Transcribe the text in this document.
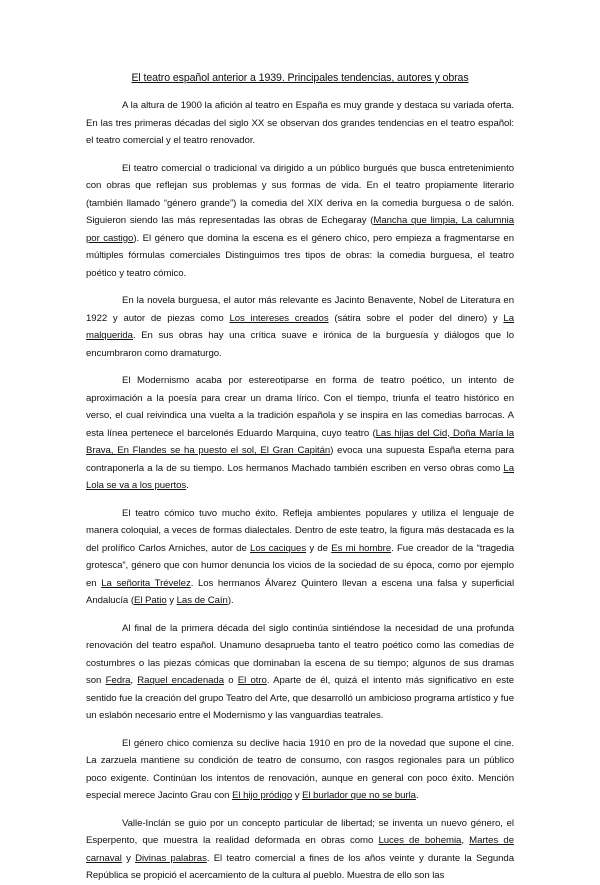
El teatro español anterior a 1939. Principales tendencias, autores y obras

A la altura de 1900 la afición al teatro en España es muy grande y destaca su variada oferta. En las tres primeras décadas del siglo XX se observan dos grandes tendencias en el teatro español: el teatro comercial y el teatro renovador.

El teatro comercial o tradicional va dirigido a un público burgués que busca entretenimiento con obras que reflejan sus problemas y sus formas de vida. En el teatro propiamente literario (también llamado “género grande”) la comedia del XIX deriva en la comedia burguesa o de salón. Siguieron siendo las más representadas las obras de Echegaray (Mancha que limpia, La calumnia por castigo). El género que domina la escena es el género chico, pero empieza a fragmentarse en múltiples fórmulas comerciales Distinguimos tres tipos de obras: la comedia burguesa, el teatro poético y teatro cómico.

En la novela burguesa, el autor más relevante es Jacinto Benavente, Nobel de Literatura en 1922 y autor de piezas como Los intereses creados (sátira sobre el poder del dinero) y La malquerida. En sus obras hay una crítica suave e irónica de la burguesía y diálogos que lo encumbraron como dramaturgo.

El Modernismo acaba por estereotiparse en forma de teatro poético, un intento de aproximación a la poesía para crear un drama lírico. Con el tiempo, triunfa el teatro histórico en verso, el cual reivindica una vuelta a la tradición española y se inspira en las comedias barrocas. A esta línea pertenece el barcelonés Eduardo Marquina, cuyo teatro (Las hijas del Cid, Doña María la Brava, En Flandes se ha puesto el sol, El Gran Capitán) evoca una supuesta España eterna para contraponerla a la de su tiempo. Los hermanos Machado también escriben en verso obras como La Lola se va a los puertos.

El teatro cómico tuvo mucho éxito. Refleja ambientes populares y utiliza el lenguaje de manera coloquial, a veces de formas dialectales. Dentro de este teatro, la figura más destacada es la del prolífico Carlos Arniches, autor de Los caciques y de Es mi hombre. Fue creador de la “tragedia grotesca”, género que con humor denuncia los vicios de la sociedad de su época, como por ejemplo en La señorita Trévelez. Los hermanos Álvarez Quintero llevan a escena una falsa y superficial Andalucía (El Patio y Las de Caín).

Al final de la primera década del siglo continúa sintiéndose la necesidad de una profunda renovación del teatro español. Unamuno desaprueba tanto el teatro poético como las comedias de costumbres o las piezas cómicas que dominaban la escena de su tiempo; algunos de sus dramas son Fedra, Raquel encadenada o El otro. Aparte de él, quizá el intento más significativo en este sentido fue la creación del grupo Teatro del Arte, que desarrolló un ambicioso programa artístico y fue un eslabón necesario entre el Modernismo y las vanguardias teatrales.

El género chico comienza su declive hacia 1910 en pro de la novedad que supone el cine. La zarzuela mantiene su condición de teatro de consumo, con rasgos regionales para un público poco exigente. Continúan los intentos de renovación, aunque en general con poco éxito. Mención especial merece Jacinto Grau con El hijo pródigo y El burlador que no se burla.

Valle-Inclán se guio por un concepto particular de libertad; se inventa un nuevo género, el Esperpento, que muestra la realidad deformada en obras como Luces de bohemia, Martes de carnaval y Divinas palabras. El teatro comercial a fines de los años veinte y durante la Segunda República se propició el acercamiento de la cultura al pueblo. Muestra de ello son las
